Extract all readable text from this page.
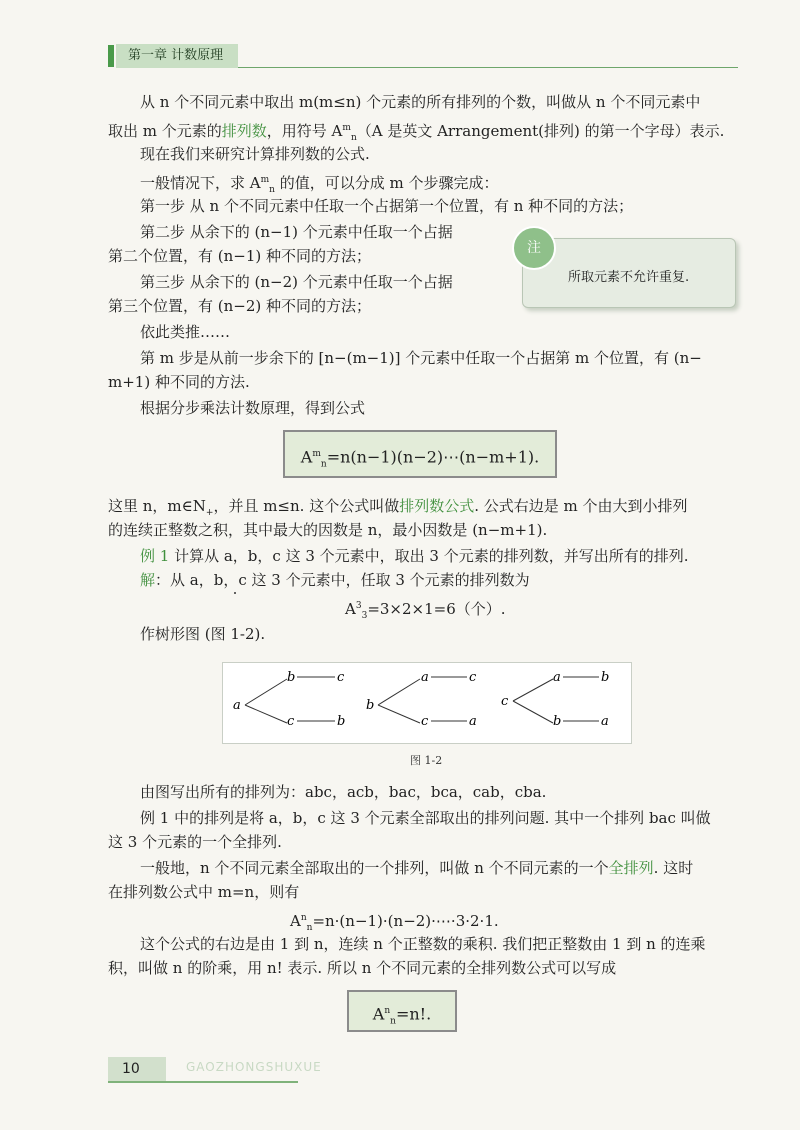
第一章 计数原理
从 n 个不同元素中取出 m(m≤n) 个元素的所有排列的个数，叫做从 n 个不同元素中
取出 m 个元素的排列数，用符号 $A^m_n(A$ 是英文 Arrangement(排列) 的第一个字母）表示.
现在我们来研究计算排列数的公式.
一般情况下，求 $A^m_n$ 的值，可以分成 m 个步骤完成：
第一步 从 n 个不同元素中任取一个占据第一个位置，有 n 种不同的方法；
第二步 从余下的 (n−1) 个元素中任取一个占据
第二个位置，有 (n−1) 种不同的方法；
第三步 从余下的 (n−2) 个元素中任取一个占据
第三个位置，有 (n−2) 种不同的方法；
依此类推……
第 m 步是从前一步余下的 [n−(m−1)] 个元素中任取一个占据第 m 个位置，有 (n−
m+1) 种不同的方法.
根据分步乘法计数原理，得到公式
注
所取元素不允许重复.
$A^m_n=n(n-1)(n-2)\cdots(n-m+1)$.
这里 n，$m\in N_+$，并且 m≤n. 这个公式叫做排列数公式. 公式右边是 m 个由大到小排列
的连续正整数之积，其中最大的因数是 n，最小因数是 (n−m+1).
例 1 计算从 a，b，c 这 3 个元素中，取出 3 个元素的排列数，并写出所有的排列.
解：从 a，b，c 这 3 个元素中，任取 3 个元素的排列数为
$A^3_3=3\times 2\times 1=6$（个）.
作树形图 (图 1-2).
a
b	c
c	b
b
a	c
c	a
c
a	b
b	a
图 1-2
由图写出所有的排列为：abc，acb，bac，bca，cab，cba.
例 1 中的排列是将 a，b，c 这 3 个元素全部取出的排列问题. 其中一个排列 bac 叫做
这 3 个元素的一个全排列.
一般地，n 个不同元素全部取出的一个排列，叫做 n 个不同元素的一个全排列. 这时
在排列数公式中 m=n，则有
$A^n_n=n\cdot(n-1)\cdot(n-2)\cdot\cdots\cdot 3\cdot 2\cdot 1$.
这个公式的右边是由 1 到 n，连续 n 个正整数的乘积. 我们把正整数由 1 到 n 的连乘
积，叫做 n 的阶乘，用 n! 表示. 所以 n 个不同元素的全排列数公式可以写成
$A^n_n=n$!.
10	GAOZHONGSHUXUE
